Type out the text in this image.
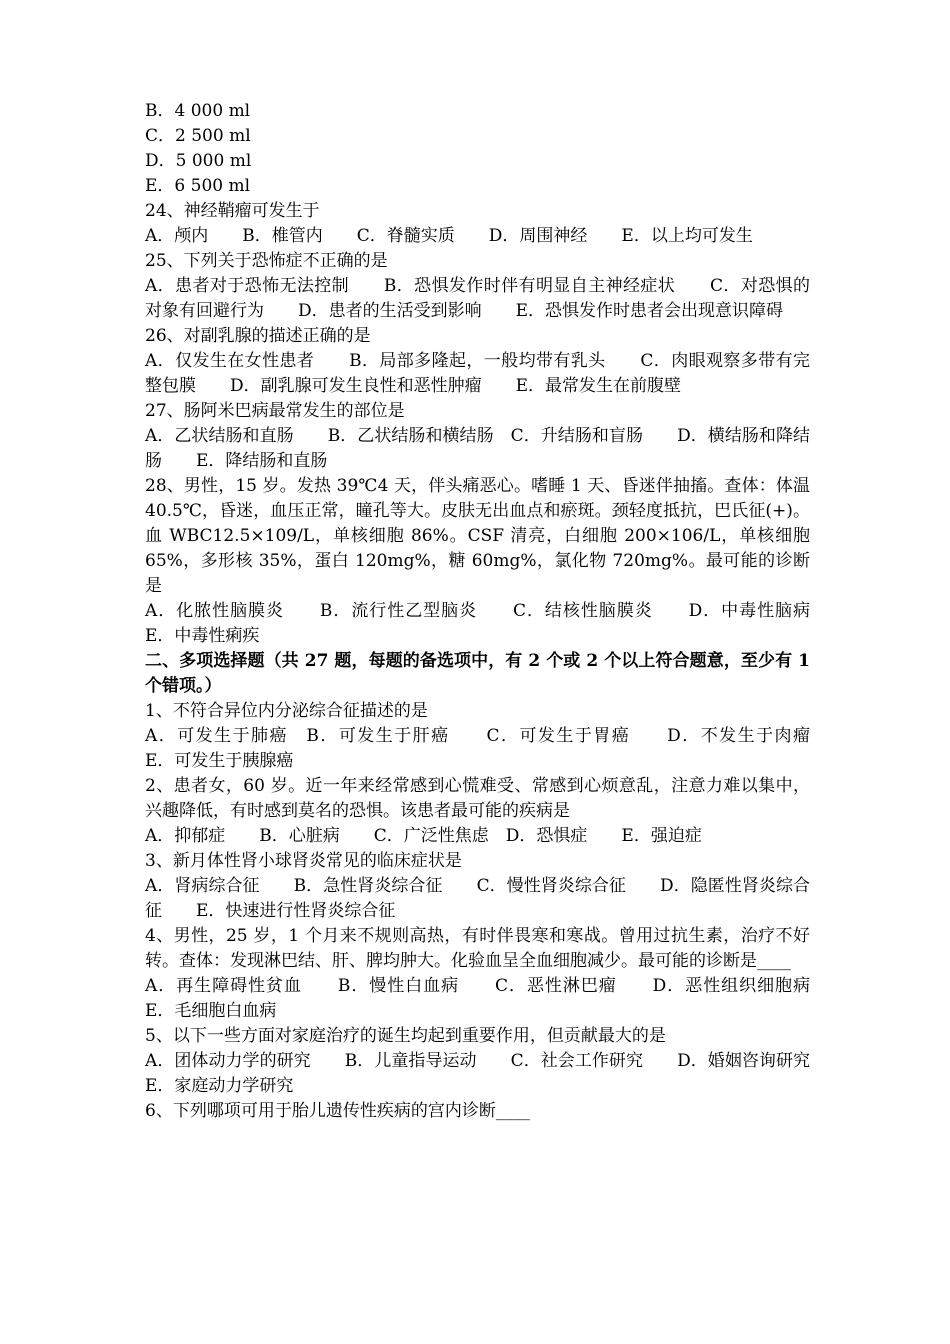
B．4 000 ml
C．2 500 ml
D．5 000 ml
E．6 500 ml
24、神经鞘瘤可发生于
A．颅内　　B．椎管内　　C．脊髓实质　　D．周围神经　　E．以上均可发生
25、下列关于恐怖症不正确的是
A．患者对于恐怖无法控制　　B．恐惧发作时伴有明显自主神经症状　　C．对恐惧的对象有回避行为　　D．患者的生活受到影响　　E．恐惧发作时患者会出现意识障碍
26、对副乳腺的描述正确的是
A．仅发生在女性患者　　B．局部多隆起，一般均带有乳头　　C．肉眼观察多带有完整包膜　　D．副乳腺可发生良性和恶性肿瘤　　E．最常发生在前腹壁
27、肠阿米巴病最常发生的部位是
A．乙状结肠和直肠　　B．乙状结肠和横结肠　C．升结肠和盲肠　　D．横结肠和降结肠　　E．降结肠和直肠
28、男性，15 岁。发热 39℃4 天，伴头痛恶心。嗜睡 1 天、昏迷伴抽搐。查体：体温 40.5℃，昏迷，血压正常，瞳孔等大。皮肤无出血点和瘀斑。颈轻度抵抗，巴氏征(+)。血 WBC12.5×109/L，单核细胞 86%。CSF 清亮，白细胞 200×106/L，单核细胞 65%，多形核 35%，蛋白 120mg%，糖 60mg%，氯化物 720mg%。最可能的诊断是
A．化脓性脑膜炎　　B．流行性乙型脑炎　　C．结核性脑膜炎　　D．中毒性脑病　　E．中毒性痢疾
二、多项选择题（共 27 题，每题的备选项中，有 2 个或 2 个以上符合题意，至少有 1 个错项。）
1、不符合异位内分泌综合征描述的是
A．可发生于肺癌　B．可发生于肝癌　　C．可发生于胃癌　　D．不发生于肉瘤　　E．可发生于胰腺癌
2、患者女，60 岁。近一年来经常感到心慌难受、常感到心烦意乱，注意力难以集中，兴趣降低，有时感到莫名的恐惧。该患者最可能的疾病是
A．抑郁症　　B．心脏病　　C．广泛性焦虑　D．恐惧症　　E．强迫症
3、新月体性肾小球肾炎常见的临床症状是
A．肾病综合征　　B．急性肾炎综合征　　C．慢性肾炎综合征　　D．隐匿性肾炎综合征　　E．快速进行性肾炎综合征
4、男性，25 岁，1 个月来不规则高热，有时伴畏寒和寒战。曾用过抗生素，治疗不好转。查体：发现淋巴结、肝、脾均肿大。化验血呈全血细胞减少。最可能的诊断是____
A．再生障碍性贫血　　B．慢性白血病　　C．恶性淋巴瘤　　D．恶性组织细胞病　　E．毛细胞白血病
5、以下一些方面对家庭治疗的诞生均起到重要作用，但贡献最大的是
A．团体动力学的研究　　B．儿童指导运动　　C．社会工作研究　　D．婚姻咨询研究　　E．家庭动力学研究
6、下列哪项可用于胎儿遗传性疾病的宫内诊断____
